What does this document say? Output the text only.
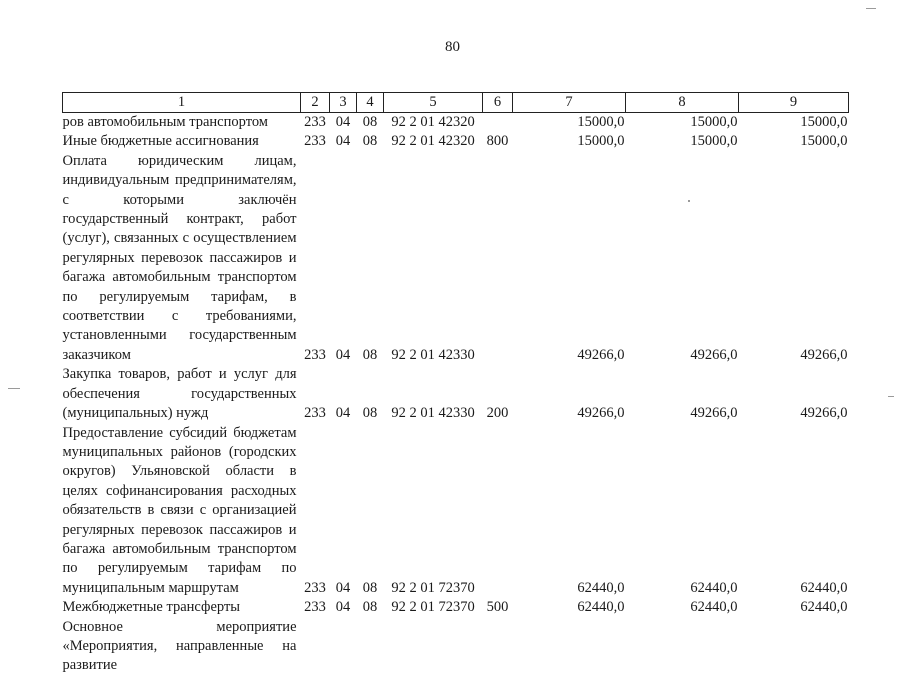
80
1	2	3	4	5	6	7	8	9
ров автомобильным транспортом	233	04	08	92 2 01 42320		15000,0	15000,0	15000,0
Иные бюджетные ассигнования	233	04	08	92 2 01 42320	800	15000,0	15000,0	15000,0
Оплата юридическим лицам, индивидуальным предпринимателям, с которыми заключён государственный контракт, работ (услуг), связанных с осуществлением регулярных перевозок пассажиров и багажа автомобильным транспортом по регулируемым тарифам, в соответствии с требованиями, установленными государственным заказчиком	233	04	08	92 2 01 42330		49266,0	49266,0	49266,0
Закупка товаров, работ и услуг для обеспечения государственных (муниципальных) нужд	233	04	08	92 2 01 42330	200	49266,0	49266,0	49266,0
Предоставление субсидий бюджетам муниципальных районов (городских округов) Ульяновской области в целях софинансирования расходных обязательств в связи с организацией регулярных перевозок пассажиров и багажа автомобильным транспортом по регулируемым тарифам по муниципальным маршрутам	233	04	08	92 2 01 72370		62440,0	62440,0	62440,0
Межбюджетные трансферты	233	04	08	92 2 01 72370	500	62440,0	62440,0	62440,0
Основное мероприятие «Мероприятия, направленные на развитие								
